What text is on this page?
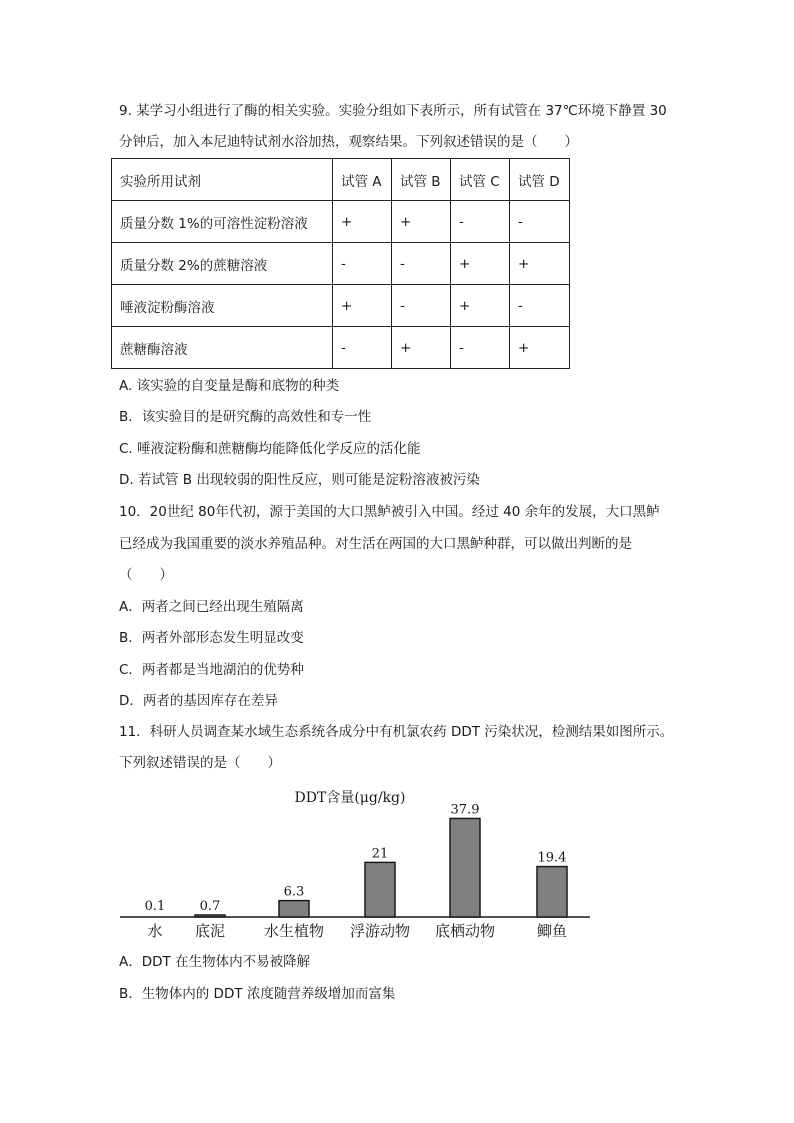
9. 某学习小组进行了酶的相关实验。实验分组如下表所示，所有试管在 37℃环境下静置 30
分钟后，加入本尼迪特试剂水浴加热，观察结果。下列叙述错误的是（　　）
实验所用试剂	试管 A	试管 B	试管 C	试管 D
质量分数 1%的可溶性淀粉溶液	+	+	-	-
质量分数 2%的蔗糖溶液	-	-	+	+
唾液淀粉酶溶液	+	-	+	-
蔗糖酶溶液	-	+	-	+
A. 该实验的自变量是酶和底物的种类
B．该实验目的是研究酶的高效性和专一性
C. 唾液淀粉酶和蔗糖酶均能降低化学反应的活化能
D. 若试管 B 出现较弱的阳性反应，则可能是淀粉溶液被污染
10．20世纪 80年代初，源于美国的大口黑鲈被引入中国。经过 40 余年的发展，大口黑鲈
已经成为我国重要的淡水养殖品种。对生活在两国的大口黑鲈种群，可以做出判断的是
（　　）
A．两者之间已经出现生殖隔离
B．两者外部形态发生明显改变
C．两者都是当地湖泊的优势种
D．两者的基因库存在差异
11．科研人员调查某水域生态系统各成分中有机氯农药 DDT 污染状况，检测结果如图所示。
下列叙述错误的是（　　）
DDT含量(μg/kg)
0.1
水
0.7
底泥
6.3
水生植物
21
浮游动物
37.9
底栖动物
19.4
鲫鱼
A．DDT 在生物体内不易被降解
B．生物体内的 DDT 浓度随营养级增加而富集
